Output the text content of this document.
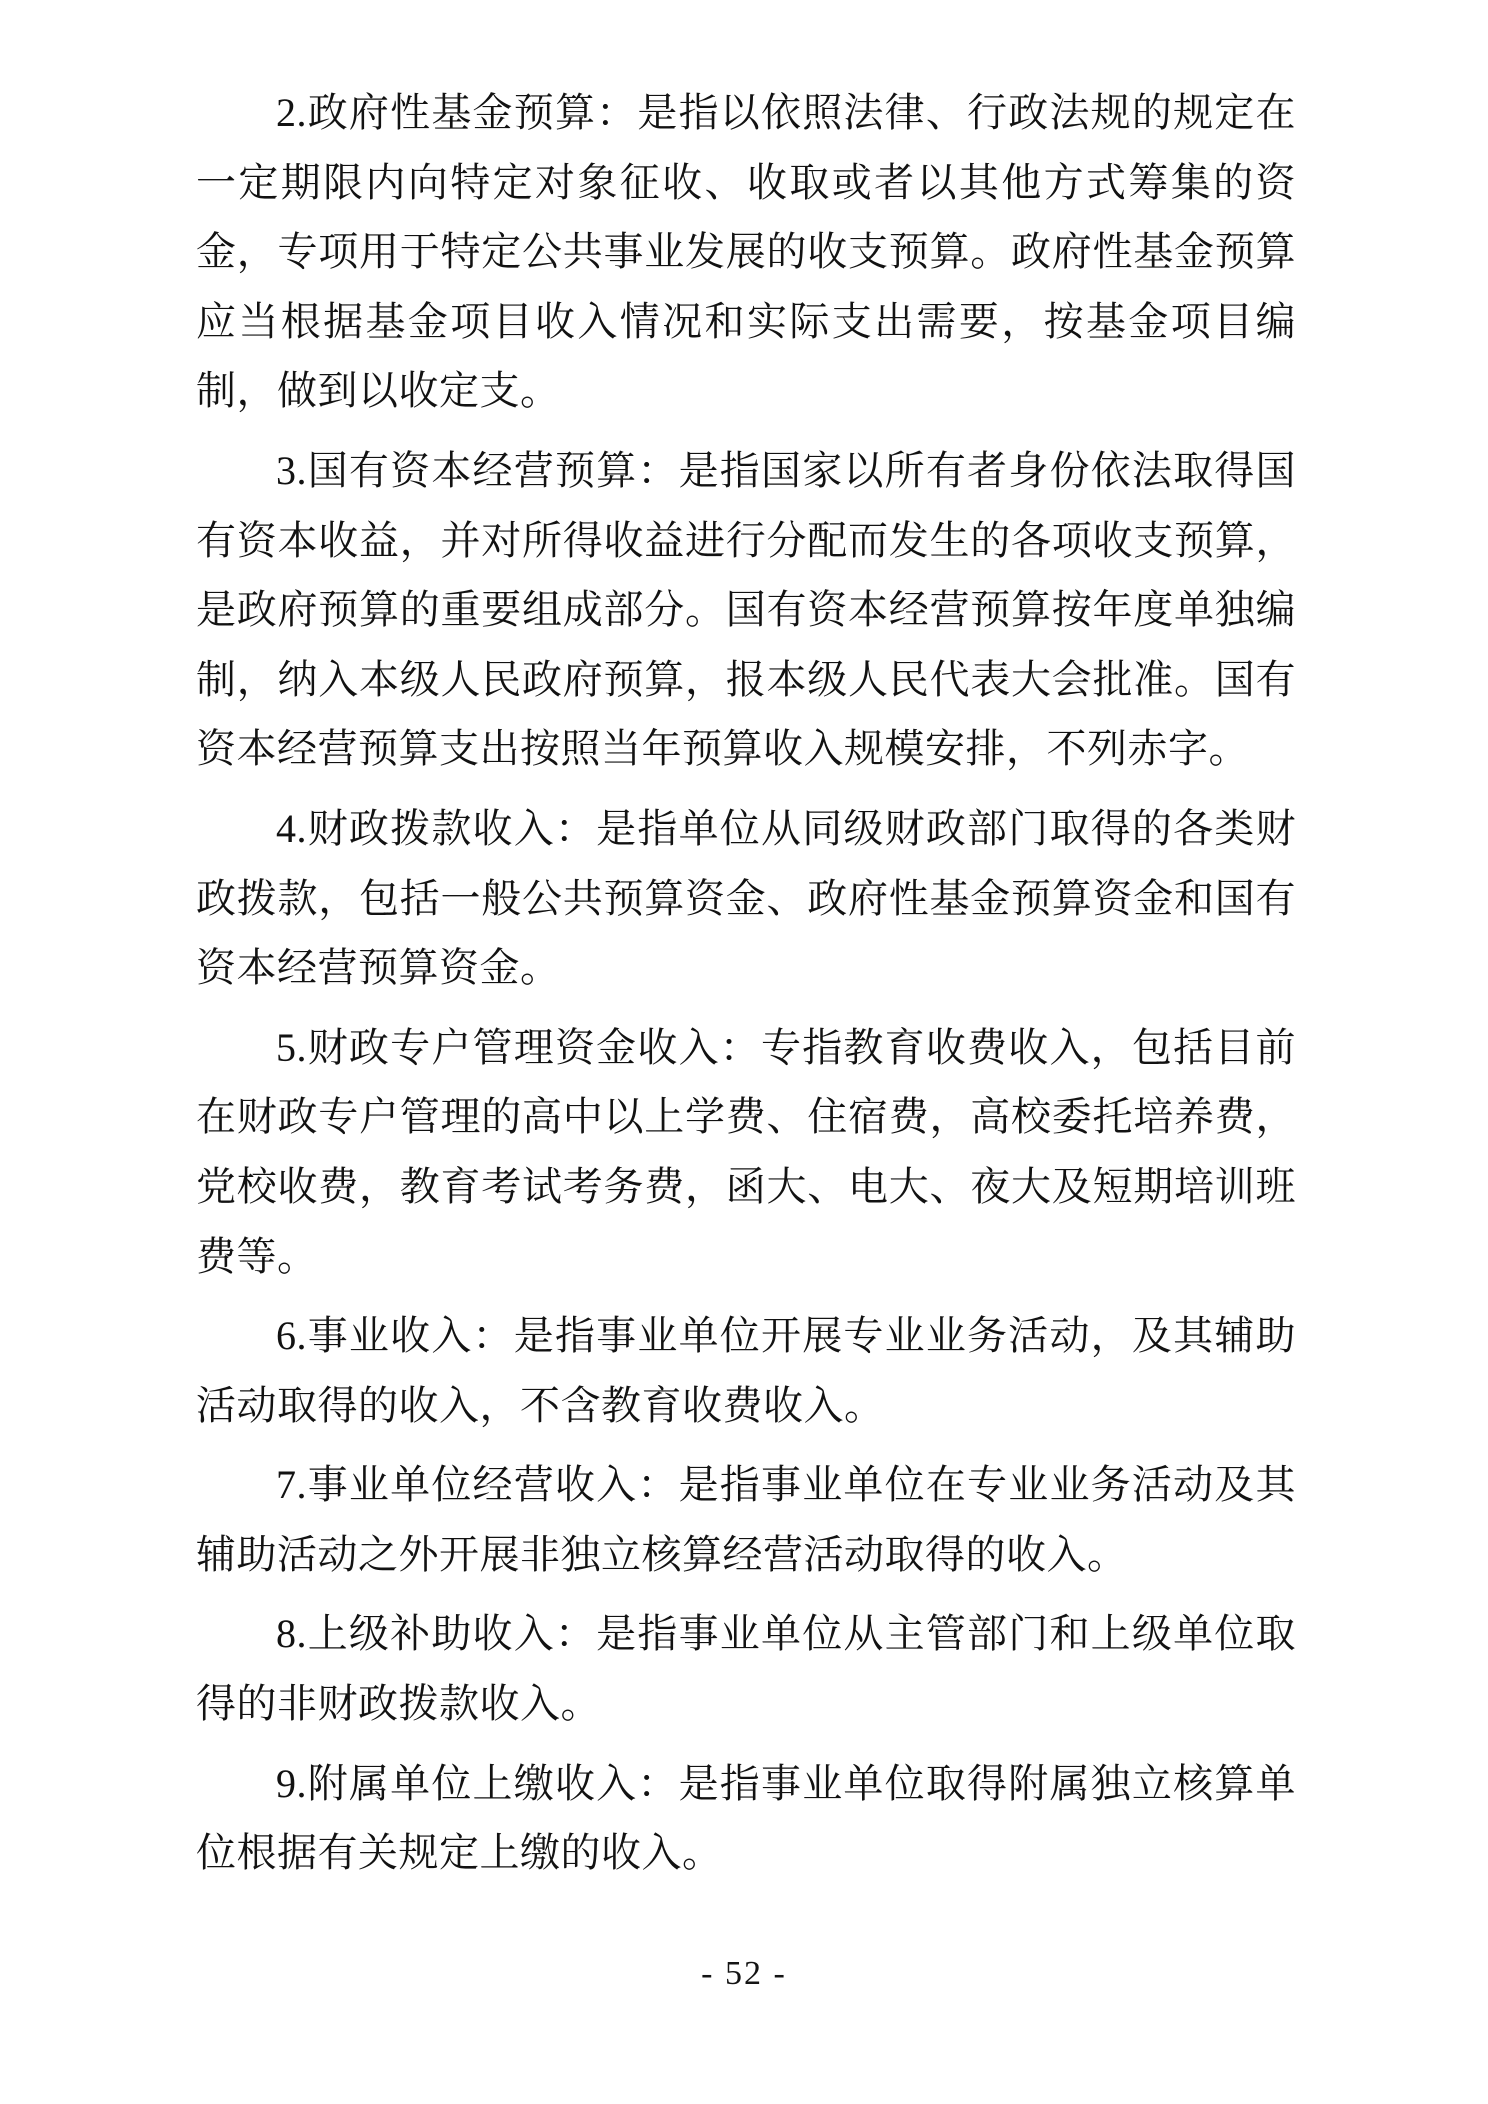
2.政府性基金预算：是指以依照法律、行政法规的规定在一定期限内向特定对象征收、收取或者以其他方式筹集的资金，专项用于特定公共事业发展的收支预算。政府性基金预算应当根据基金项目收入情况和实际支出需要，按基金项目编制，做到以收定支。

3.国有资本经营预算：是指国家以所有者身份依法取得国有资本收益，并对所得收益进行分配而发生的各项收支预算，是政府预算的重要组成部分。国有资本经营预算按年度单独编制，纳入本级人民政府预算，报本级人民代表大会批准。国有资本经营预算支出按照当年预算收入规模安排，不列赤字。

4.财政拨款收入：是指单位从同级财政部门取得的各类财政拨款，包括一般公共预算资金、政府性基金预算资金和国有资本经营预算资金。

5.财政专户管理资金收入：专指教育收费收入，包括目前在财政专户管理的高中以上学费、住宿费，高校委托培养费，党校收费，教育考试考务费，函大、电大、夜大及短期培训班费等。

6.事业收入：是指事业单位开展专业业务活动，及其辅助活动取得的收入，不含教育收费收入。

7.事业单位经营收入：是指事业单位在专业业务活动及其辅助活动之外开展非独立核算经营活动取得的收入。

8.上级补助收入：是指事业单位从主管部门和上级单位取得的非财政拨款收入。

9.附属单位上缴收入：是指事业单位取得附属独立核算单位根据有关规定上缴的收入。

- 52 -
